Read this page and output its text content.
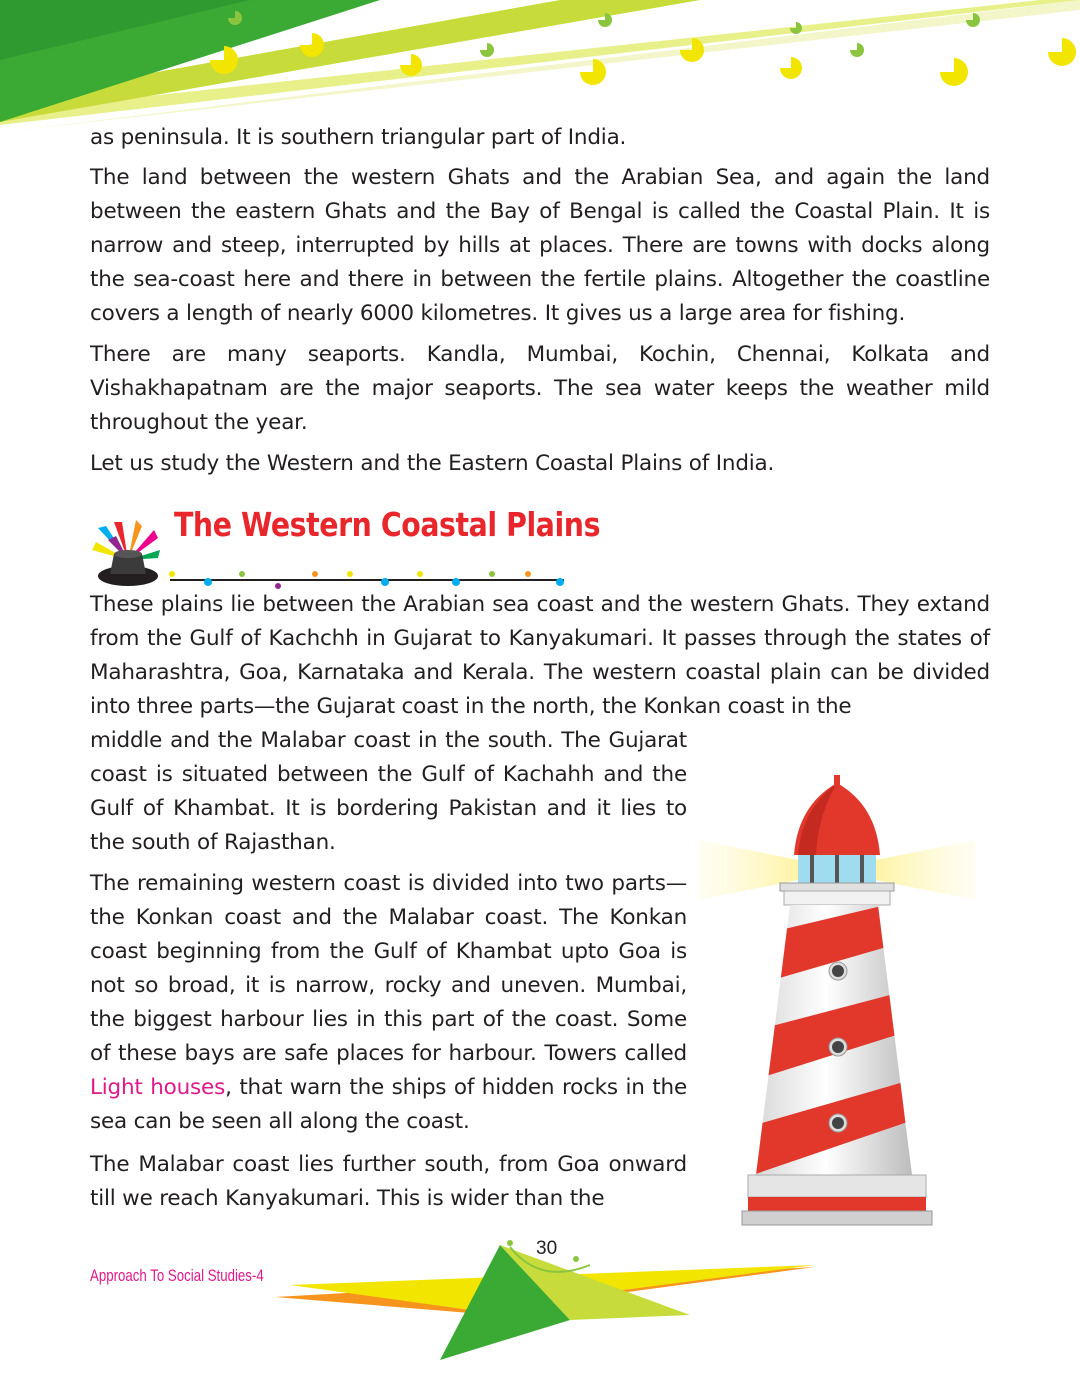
as peninsula. It is southern triangular part of India.

The land between the western Ghats and the Arabian Sea, and again the land between the eastern Ghats and the Bay of Bengal is called the Coastal Plain. It is narrow and steep, interrupted by hills at places. There are towns with docks along the sea-coast here and there in between the fertile plains. Altogether the coastline covers a length of nearly 6000 kilometres. It gives us a large area for fishing.

There are many seaports. Kandla, Mumbai, Kochin, Chennai, Kolkata and Vishakhapatnam are the major seaports. The sea water keeps the weather mild throughout the year.

Let us study the Western and the Eastern Coastal Plains of India.

The Western Coastal Plains

These plains lie between the Arabian sea coast and the western Ghats. They extand from the Gulf of Kachchh in Gujarat to Kanyakumari. It passes through the states of Maharashtra, Goa, Karnataka and Kerala. The western coastal plain can be divided into three parts—the Gujarat coast in the north, the Konkan coast in the

middle and the Malabar coast in the south. The Gujarat coast is situated between the Gulf of Kachahh and the Gulf of Khambat. It is bordering Pakistan and it lies to the south of Rajasthan.

The remaining western coast is divided into two parts—the Konkan coast and the Malabar coast. The Konkan coast beginning from the Gulf of Khambat upto Goa is not so broad, it is narrow, rocky and uneven. Mumbai, the biggest harbour lies in this part of the coast. Some of these bays are safe places for harbour. Towers called Light houses, that warn the ships of hidden rocks in the sea can be seen all along the coast.

The Malabar coast lies further south, from Goa onward till we reach Kanyakumari. This is wider than the

30
Approach To Social Studies-4
